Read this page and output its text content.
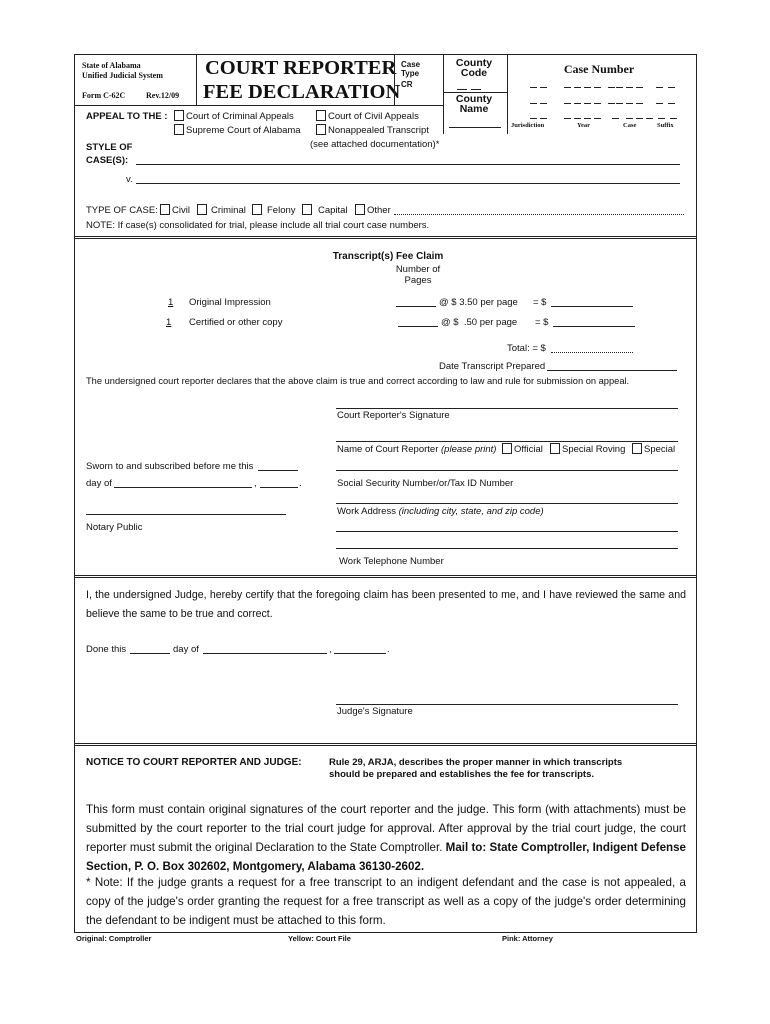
State of Alabama
Unified Judicial System
Form C-62C	Rev.12/09
COURT REPORTER
FEE DECLARATION
Case
Type
CR
County
Code
County
Name
Case Number
Jurisdiction	Year	Case	Suffix
APPEAL TO THE : Court of Criminal Appeals
Supreme Court of Alabama
Court of Civil Appeals
Nonappealed Transcript
(see attached documentation)*
STYLE OF
CASE(S):
v.
TYPE OF CASE: Civil Criminal Felony Capital Other
NOTE: If case(s) consolidated for trial, please include all trial court case numbers.
Transcript(s) Fee Claim
Number of
Pages
1 Original Impression	@ $ 3.50 per page = $
1 Certified or other copy	@ $  .50 per page = $
Total: = $
Date Transcript Prepared
The undersigned court reporter declares that the above claim is true and correct according to law and rule for submission on appeal.
Court Reporter's Signature
Name of Court Reporter (please print) Official Special Roving Special
Sworn to and subscribed before me this
day of	,	.	Social Security Number/or/Tax ID Number
Work Address (including city, state, and zip code)
Notary Public
Work Telephone Number
I, the undersigned Judge, hereby certify that the foregoing claim has been presented to me, and I have reviewed the same and believe the same to be true and correct.
Done this	day of	,	.
Judge's Signature
NOTICE TO COURT REPORTER AND JUDGE:	Rule 29, ARJA, describes the proper manner in which transcripts
should be prepared and establishes the fee for transcripts.
This form must contain original signatures of the court reporter and the judge. This form (with attachments) must be submitted by the court reporter to the trial court judge for approval. After approval by the trial court judge, the court reporter must submit the original Declaration to the State Comptroller. Mail to: State Comptroller, Indigent Defense Section, P. O. Box 302602, Montgomery, Alabama 36130-2602.
* Note: If the judge grants a request for a free transcript to an indigent defendant and the case is not appealed, a copy of the judge's order granting the request for a free transcript as well as a copy of the judge's order determining the defendant to be indigent must be attached to this form.
Original: Comptroller	Yellow: Court File	Pink: Attorney
